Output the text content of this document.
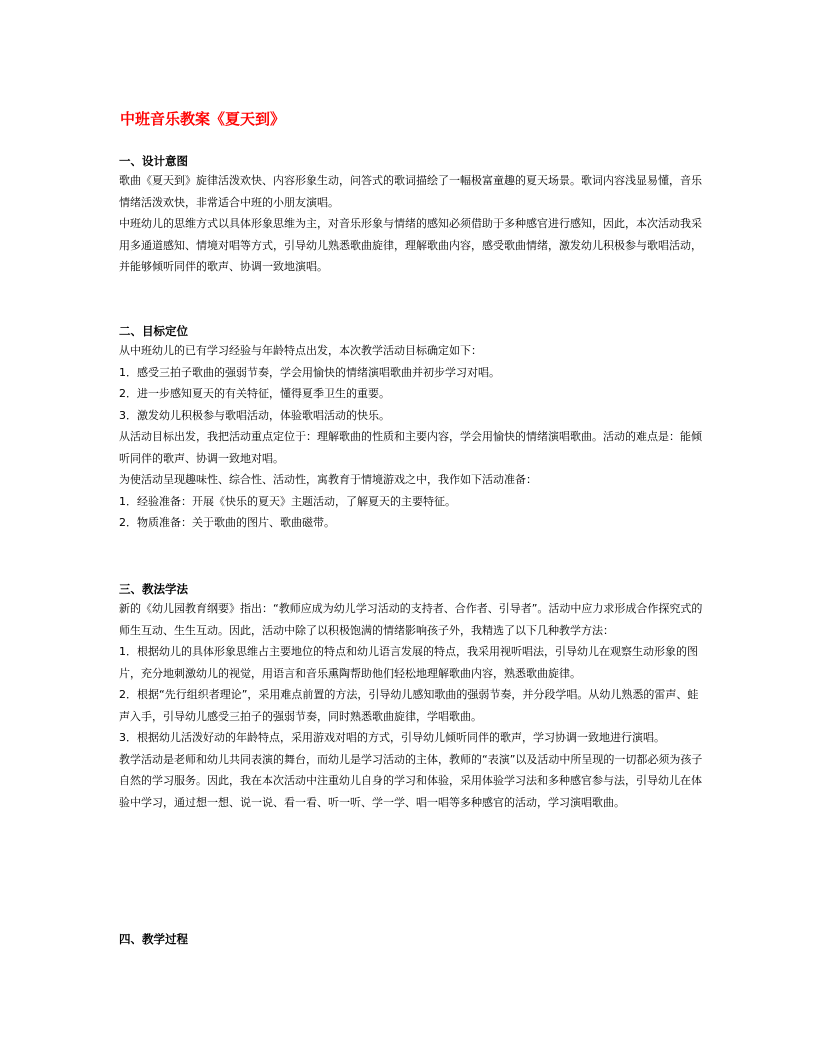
中班音乐教案《夏天到》
一、设计意图

歌曲《夏天到》旋律活泼欢快、内容形象生动，问答式的歌词描绘了一幅极富童趣的夏天场景。歌词内容浅显易懂，音乐情绪活泼欢快，非常适合中班的小朋友演唱。

中班幼儿的思维方式以具体形象思维为主，对音乐形象与情绪的感知必须借助于多种感官进行感知，因此，本次活动我采用多通道感知、情境对唱等方式，引导幼儿熟悉歌曲旋律，理解歌曲内容，感受歌曲情绪，激发幼儿积极参与歌唱活动，并能够倾听同伴的歌声、协调一致地演唱。

二、目标定位

从中班幼儿的已有学习经验与年龄特点出发，本次教学活动目标确定如下：

1．感受三拍子歌曲的强弱节奏，学会用愉快的情绪演唱歌曲并初步学习对唱。

2．进一步感知夏天的有关特征，懂得夏季卫生的重要。

3．激发幼儿积极参与歌唱活动，体验歌唱活动的快乐。

从活动目标出发，我把活动重点定位于：理解歌曲的性质和主要内容，学会用愉快的情绪演唱歌曲。活动的难点是：能倾听同伴的歌声、协调一致地对唱。

为使活动呈现趣味性、综合性、活动性，寓教育于情境游戏之中，我作如下活动准备：

1．经验准备：开展《快乐的夏天》主题活动，了解夏天的主要特征。

2．物质准备：关于歌曲的图片、歌曲磁带。

三、教法学法

新的《幼儿园教育纲要》指出：“教师应成为幼儿学习活动的支持者、合作者、引导者”。活动中应力求形成合作探究式的师生互动、生生互动。因此，活动中除了以积极饱满的情绪影响孩子外，我精选了以下几种教学方法：

1．根据幼儿的具体形象思维占主要地位的特点和幼儿语言发展的特点，我采用视听唱法，引导幼儿在观察生动形象的图片，充分地刺激幼儿的视觉，用语言和音乐熏陶帮助他们轻松地理解歌曲内容，熟悉歌曲旋律。

2．根据“先行组织者理论”，采用难点前置的方法，引导幼儿感知歌曲的强弱节奏，并分段学唱。从幼儿熟悉的雷声、蛙声入手，引导幼儿感受三拍子的强弱节奏，同时熟悉歌曲旋律，学唱歌曲。

3．根据幼儿活泼好动的年龄特点，采用游戏对唱的方式，引导幼儿倾听同伴的歌声，学习协调一致地进行演唱。

教学活动是老师和幼儿共同表演的舞台，而幼儿是学习活动的主体，教师的“表演”以及活动中所呈现的一切都必须为孩子自然的学习服务。因此，我在本次活动中注重幼儿自身的学习和体验，采用体验学习法和多种感官参与法，引导幼儿在体验中学习，通过想一想、说一说、看一看、听一听、学一学、唱一唱等多种感官的活动，学习演唱歌曲。

四、教学过程
